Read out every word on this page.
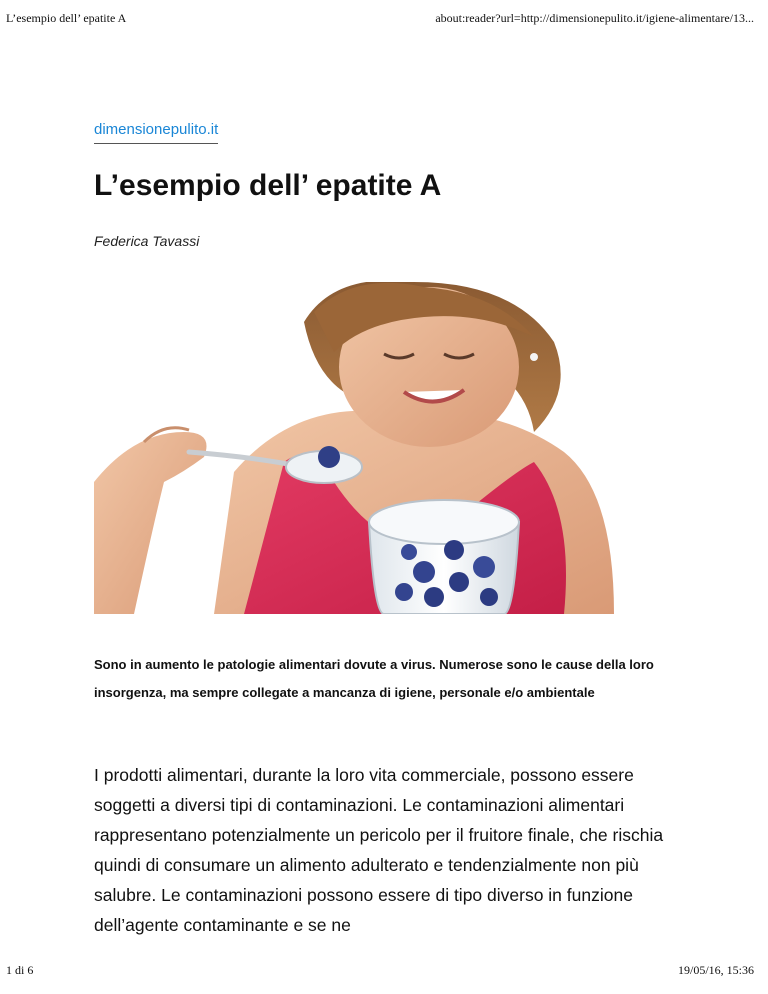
L’esempio dell’ epatite A	about:reader?url=http://dimensionepulito.it/igiene-alimentare/13...
dimensionepulito.it
L’esempio dell’ epatite A
Federica Tavassi

Sono in aumento le patologie alimentari dovute a virus. Numerose sono le cause della loro insorgenza, ma sempre collegate a mancanza di igiene, personale e/o ambientale

I prodotti alimentari, durante la loro vita commerciale, possono essere soggetti a diversi tipi di contaminazioni. Le contaminazioni alimentari rappresentano potenzialmente un pericolo per il fruitore finale, che rischia quindi di consumare un alimento adulterato e tendenzialmente non più salubre. Le contaminazioni possono essere di tipo diverso in funzione dell’agente contaminante e se ne

1 di 6	19/05/16, 15:36
